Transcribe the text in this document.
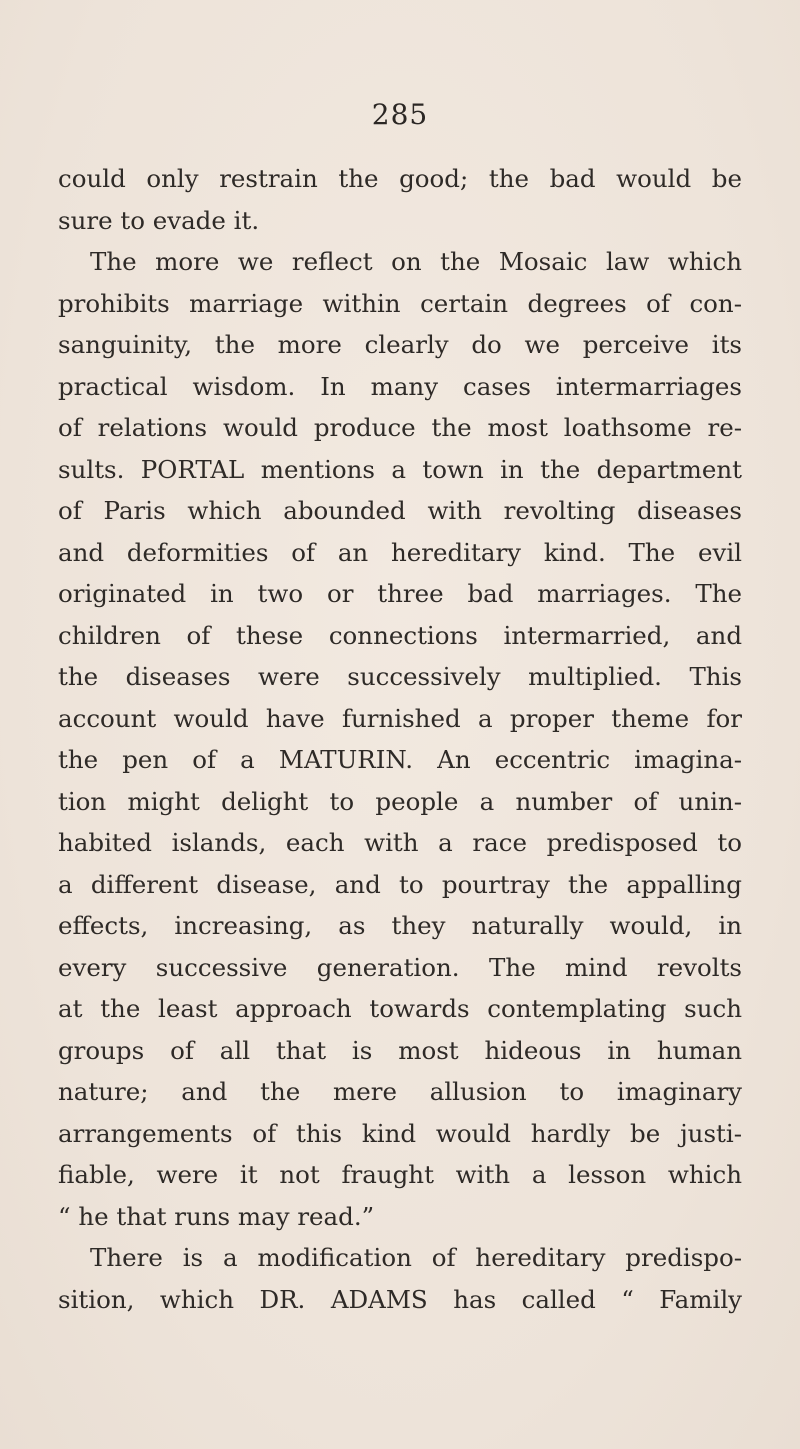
285
could only restrain the good; the bad would be
sure to evade it.
The more we reflect on the Mosaic law which
prohibits marriage within certain degrees of con-
sanguinity, the more clearly do we perceive its
practical wisdom. In many cases intermarriages
of relations would produce the most loathsome re-
sults. PORTAL mentions a town in the department
of Paris which abounded with revolting diseases
and deformities of an hereditary kind. The evil
originated in two or three bad marriages. The
children of these connections intermarried, and
the diseases were successively multiplied. This
account would have furnished a proper theme for
the pen of a MATURIN. An eccentric imagina-
tion might delight to people a number of unin-
habited islands, each with a race predisposed to
a different disease, and to pourtray the appalling
effects, increasing, as they naturally would, in
every successive generation. The mind revolts
at the least approach towards contemplating such
groups of all that is most hideous in human
nature; and the mere allusion to imaginary
arrangements of this kind would hardly be justi-
fiable, were it not fraught with a lesson which
“ he that runs may read.”
There is a modification of hereditary predispo-
sition, which DR. ADAMS has called “ Family
